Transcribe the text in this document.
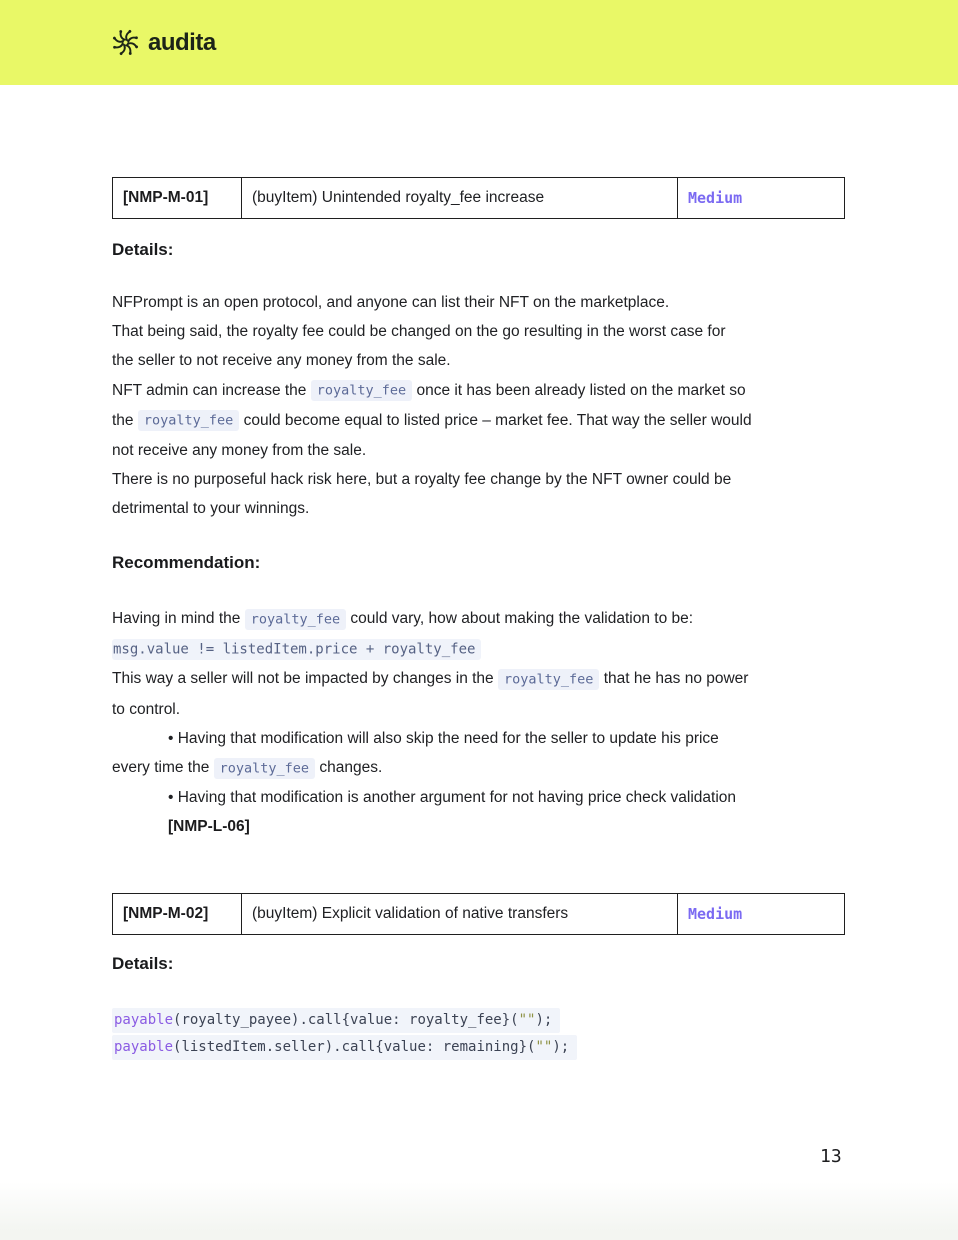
audita
[NMP-M-01]	(buyItem) Unintended royalty_fee increase	Medium
Details:
NFPrompt is an open protocol, and anyone can list their NFT on the marketplace.
That being said, the royalty fee could be changed on the go resulting in the worst case for
the seller to not receive any money from the sale.
NFT admin can increase the royalty_fee once it has been already listed on the market so
the royalty_fee could become equal to listed price – market fee. That way the seller would
not receive any money from the sale.
There is no purposeful hack risk here, but a royalty fee change by the NFT owner could be
detrimental to your winnings.
Recommendation:
Having in mind the royalty_fee could vary, how about making the validation to be:
msg.value != listedItem.price + royalty_fee
This way a seller will not be impacted by changes in the royalty_fee that he has no power
to control.
• Having that modification will also skip the need for the seller to update his price
every time the royalty_fee changes.
• Having that modification is another argument for not having price check validation
[NMP-L-06]
[NMP-M-02]	(buyItem) Explicit validation of native transfers	Medium
Details:
payable(royalty_payee).call{value: royalty_fee}("");
payable(listedItem.seller).call{value: remaining}("");
13
